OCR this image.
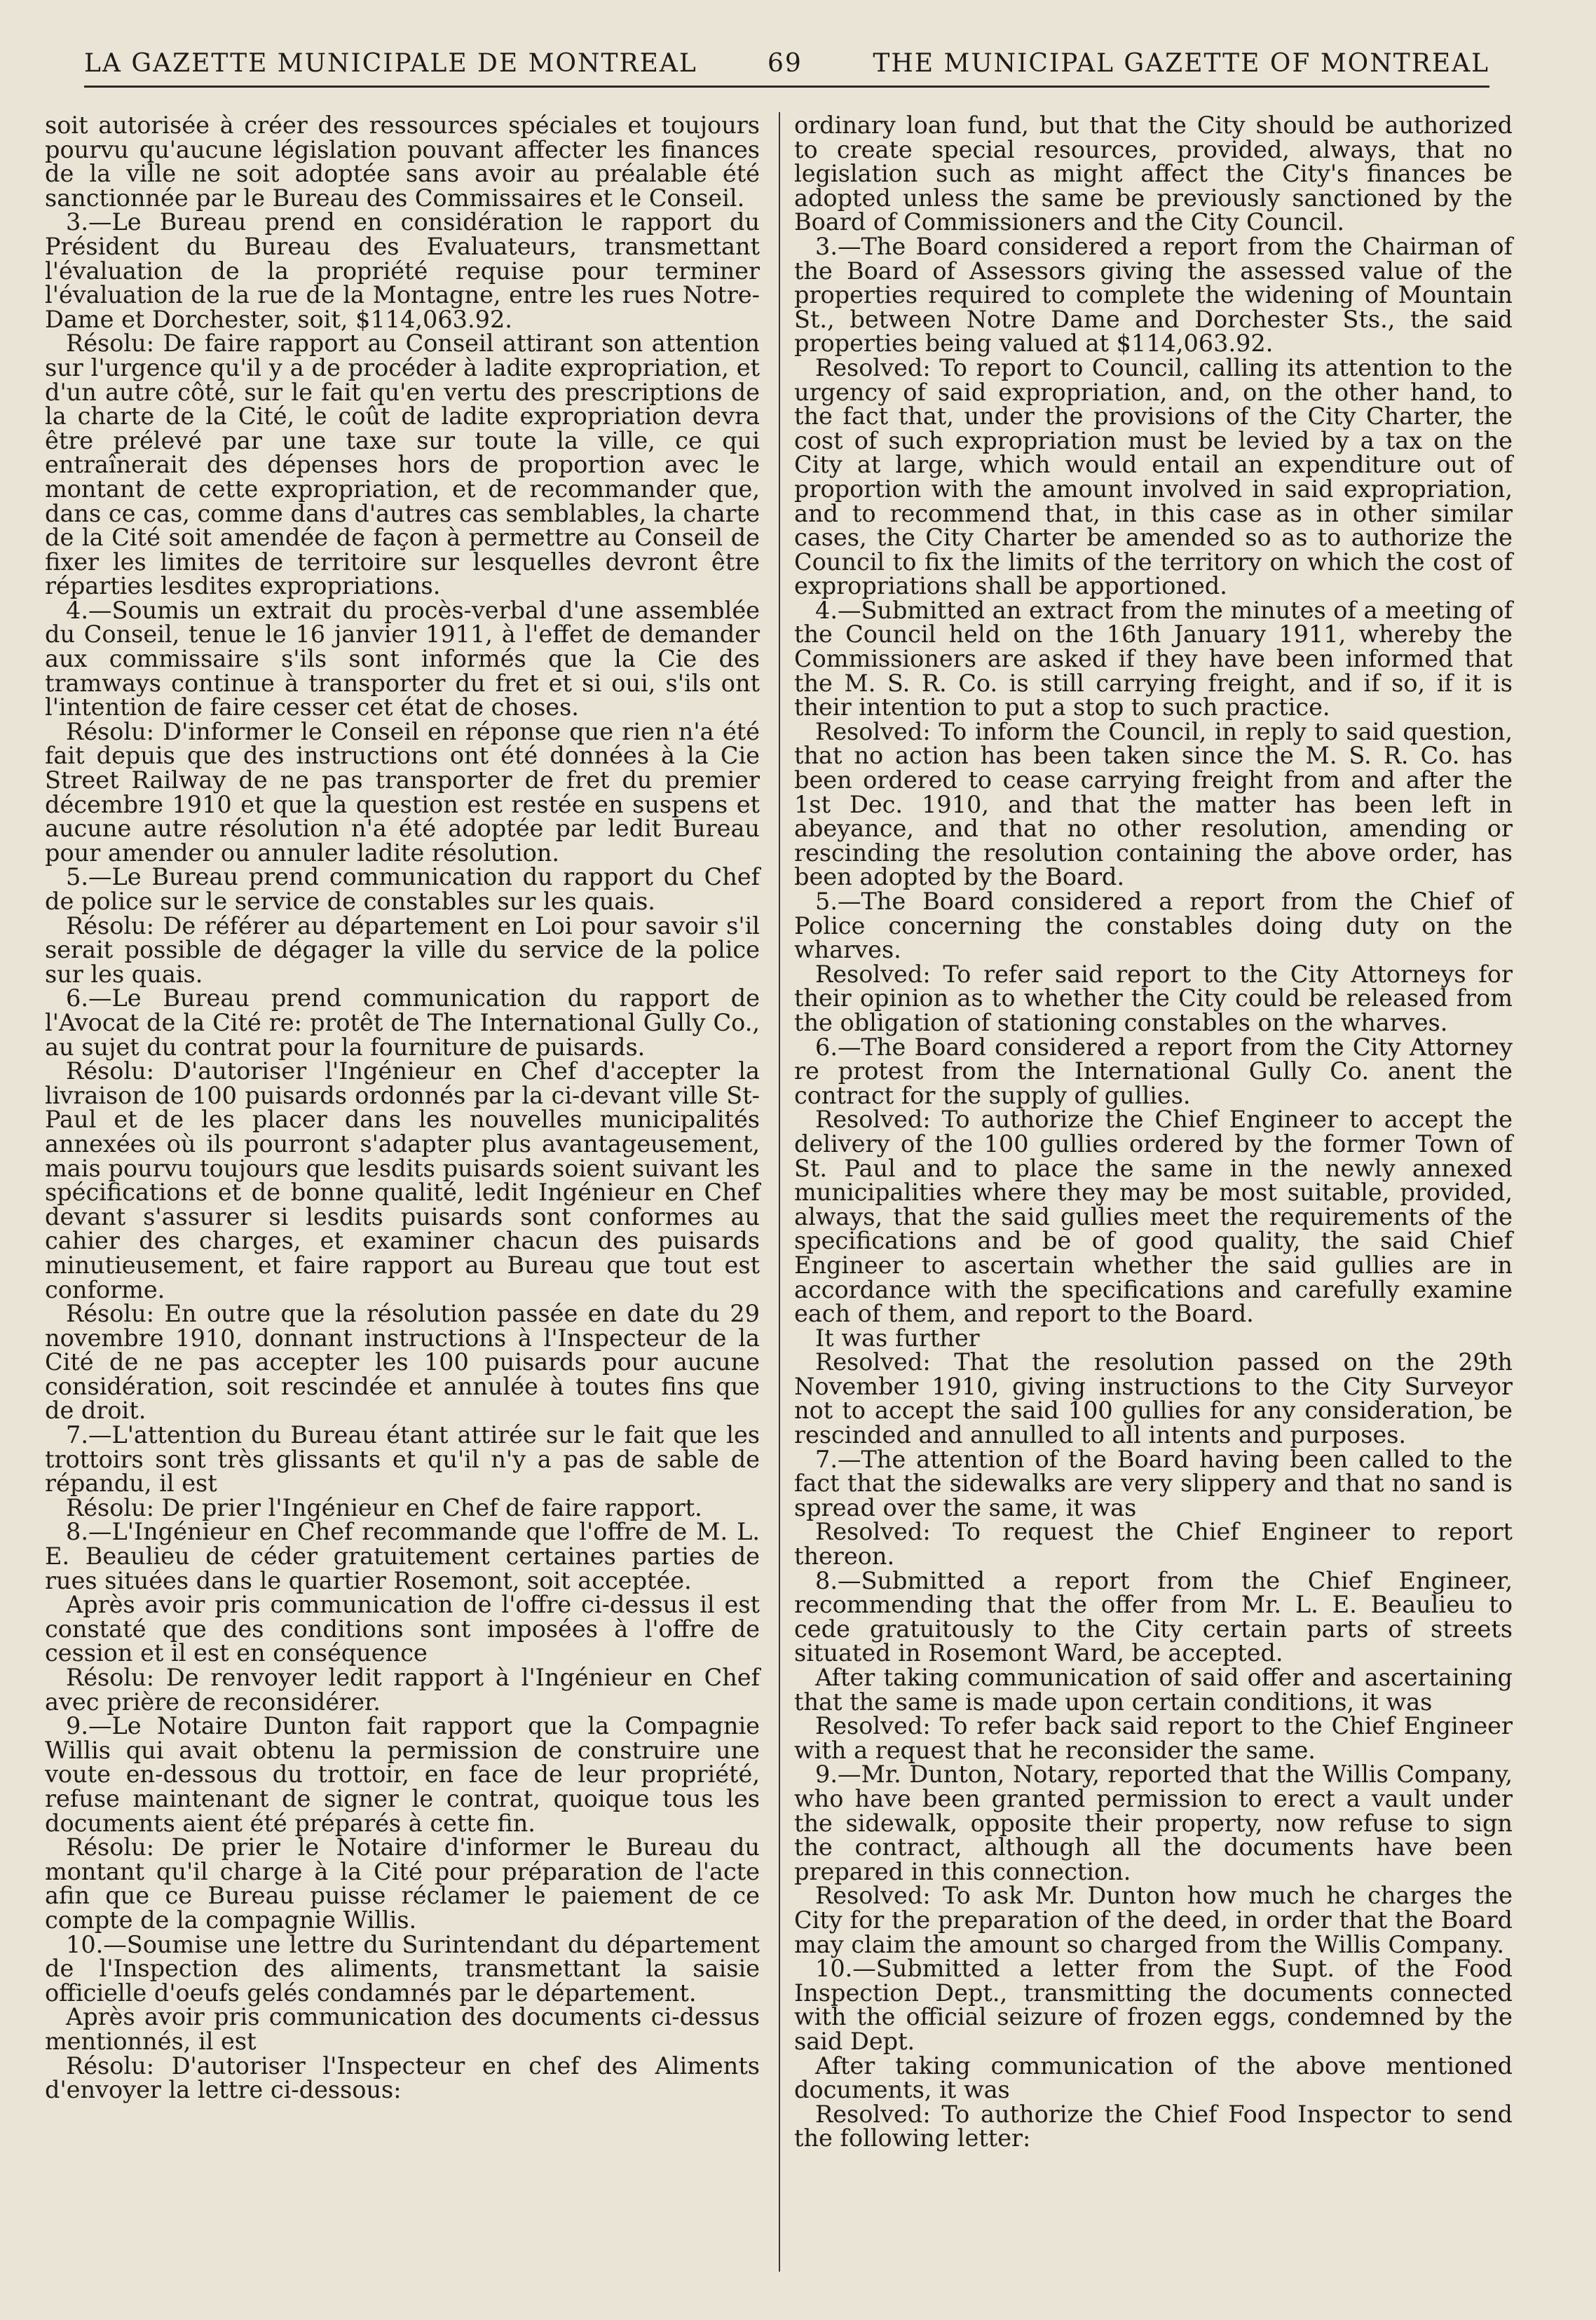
LA GAZETTE MUNICIPALE DE MONTREAL	69	THE MUNICIPAL GAZETTE OF MONTREAL

soit autorisée à créer des ressources spéciales et toujours pourvu qu'aucune législation pouvant affecter les finances de la ville ne soit adoptée sans avoir au préalable été sanctionnée par le Bureau des Commissaires et le Conseil.

3.—Le Bureau prend en considération le rapport du Président du Bureau des Evaluateurs, transmettant l'évaluation de la propriété requise pour terminer l'évaluation de la rue de la Montagne, entre les rues Notre-Dame et Dorchester, soit, $114,063.92.

Résolu: De faire rapport au Conseil attirant son attention sur l'urgence qu'il y a de procéder à ladite expropriation, et d'un autre côté, sur le fait qu'en vertu des prescriptions de la charte de la Cité, le coût de ladite expropriation devra être prélevé par une taxe sur toute la ville, ce qui entraînerait des dépenses hors de proportion avec le montant de cette expropriation, et de recommander que, dans ce cas, comme dans d'autres cas semblables, la charte de la Cité soit amendée de façon à permettre au Conseil de fixer les limites de territoire sur lesquelles devront être réparties lesdites expropriations.

4.—Soumis un extrait du procès-verbal d'une assemblée du Conseil, tenue le 16 janvier 1911, à l'effet de demander aux commissaire s'ils sont informés que la Cie des tramways continue à transporter du fret et si oui, s'ils ont l'intention de faire cesser cet état de choses.

Résolu: D'informer le Conseil en réponse que rien n'a été fait depuis que des instructions ont été données à la Cie Street Railway de ne pas transporter de fret du premier décembre 1910 et que la question est restée en suspens et aucune autre résolution n'a été adoptée par ledit Bureau pour amender ou annuler ladite résolution.

5.—Le Bureau prend communication du rapport du Chef de police sur le service de constables sur les quais.

Résolu: De référer au département en Loi pour savoir s'il serait possible de dégager la ville du service de la police sur les quais.

6.—Le Bureau prend communication du rapport de l'Avocat de la Cité re: protêt de The International Gully Co., au sujet du contrat pour la fourniture de puisards.

Résolu: D'autoriser l'Ingénieur en Chef d'accepter la livraison de 100 puisards ordonnés par la ci-devant ville St-Paul et de les placer dans les nouvelles municipalités annexées où ils pourront s'adapter plus avantageusement, mais pourvu toujours que lesdits puisards soient suivant les spécifications et de bonne qualité, ledit Ingénieur en Chef devant s'assurer si lesdits puisards sont conformes au cahier des charges, et examiner chacun des puisards minutieusement, et faire rapport au Bureau que tout est conforme.

Résolu: En outre que la résolution passée en date du 29 novembre 1910, donnant instructions à l'Inspecteur de la Cité de ne pas accepter les 100 puisards pour aucune considération, soit rescindée et annulée à toutes fins que de droit.

7.—L'attention du Bureau étant attirée sur le fait que les trottoirs sont très glissants et qu'il n'y a pas de sable de répandu, il est

Résolu: De prier l'Ingénieur en Chef de faire rapport.

8.—L'Ingénieur en Chef recommande que l'offre de M. L. E. Beaulieu de céder gratuitement certaines parties de rues situées dans le quartier Rosemont, soit acceptée.

Après avoir pris communication de l'offre ci-dessus il est constaté que des conditions sont imposées à l'offre de cession et il est en conséquence

Résolu: De renvoyer ledit rapport à l'Ingénieur en Chef avec prière de reconsidérer.

9.—Le Notaire Dunton fait rapport que la Compagnie Willis qui avait obtenu la permission de construire une voute en-dessous du trottoir, en face de leur propriété, refuse maintenant de signer le contrat, quoique tous les documents aient été préparés à cette fin.

Résolu: De prier le Notaire d'informer le Bureau du montant qu'il charge à la Cité pour préparation de l'acte afin que ce Bureau puisse réclamer le paiement de ce compte de la compagnie Willis.

10.—Soumise une lettre du Surintendant du département de l'Inspection des aliments, transmettant la saisie officielle d'oeufs gelés condamnés par le département.

Après avoir pris communication des documents ci-dessus mentionnés, il est

Résolu: D'autoriser l'Inspecteur en chef des Aliments d'envoyer la lettre ci-dessous:

ordinary loan fund, but that the City should be authorized to create special resources, provided, always, that no legislation such as might affect the City's finances be adopted unless the same be previously sanctioned by the Board of Commissioners and the City Council.

3.—The Board considered a report from the Chairman of the Board of Assessors giving the assessed value of the properties required to complete the widening of Mountain St., between Notre Dame and Dorchester Sts., the said properties being valued at $114,063.92.

Resolved: To report to Council, calling its attention to the urgency of said expropriation, and, on the other hand, to the fact that, under the provisions of the City Charter, the cost of such expropriation must be levied by a tax on the City at large, which would entail an expenditure out of proportion with the amount involved in said expropriation, and to recommend that, in this case as in other similar cases, the City Charter be amended so as to authorize the Council to fix the limits of the territory on which the cost of expropriations shall be apportioned.

4.—Submitted an extract from the minutes of a meeting of the Council held on the 16th January 1911, whereby the Commissioners are asked if they have been informed that the M. S. R. Co. is still carrying freight, and if so, if it is their intention to put a stop to such practice.

Resolved: To inform the Council, in reply to said question, that no action has been taken since the M. S. R. Co. has been ordered to cease carrying freight from and after the 1st Dec. 1910, and that the matter has been left in abeyance, and that no other resolution, amending or rescinding the resolution containing the above order, has been adopted by the Board.

5.—The Board considered a report from the Chief of Police concerning the constables doing duty on the wharves.

Resolved: To refer said report to the City Attorneys for their opinion as to whether the City could be released from the obligation of stationing constables on the wharves.

6.—The Board considered a report from the City Attorney re protest from the International Gully Co. anent the contract for the supply of gullies.

Resolved: To authorize the Chief Engineer to accept the delivery of the 100 gullies ordered by the former Town of St. Paul and to place the same in the newly annexed municipalities where they may be most suitable, provided, always, that the said gullies meet the requirements of the specifications and be of good quality, the said Chief Engineer to ascertain whether the said gullies are in accordance with the specifications and carefully examine each of them, and report to the Board.

It was further

Resolved: That the resolution passed on the 29th November 1910, giving instructions to the City Surveyor not to accept the said 100 gullies for any consideration, be rescinded and annulled to all intents and purposes.

7.—The attention of the Board having been called to the fact that the sidewalks are very slippery and that no sand is spread over the same, it was

Resolved: To request the Chief Engineer to report thereon.

8.—Submitted a report from the Chief Engineer, recommending that the offer from Mr. L. E. Beaulieu to cede gratuitously to the City certain parts of streets situated in Rosemont Ward, be accepted.

After taking communication of said offer and ascertaining that the same is made upon certain conditions, it was

Resolved: To refer back said report to the Chief Engineer with a request that he reconsider the same.

9.—Mr. Dunton, Notary, reported that the Willis Company, who have been granted permission to erect a vault under the sidewalk, opposite their property, now refuse to sign the contract, although all the documents have been prepared in this connection.

Resolved: To ask Mr. Dunton how much he charges the City for the preparation of the deed, in order that the Board may claim the amount so charged from the Willis Company.

10.—Submitted a letter from the Supt. of the Food Inspection Dept., transmitting the documents connected with the official seizure of frozen eggs, condemned by the said Dept.

After taking communication of the above mentioned documents, it was

Resolved: To authorize the Chief Food Inspector to send the following letter:
